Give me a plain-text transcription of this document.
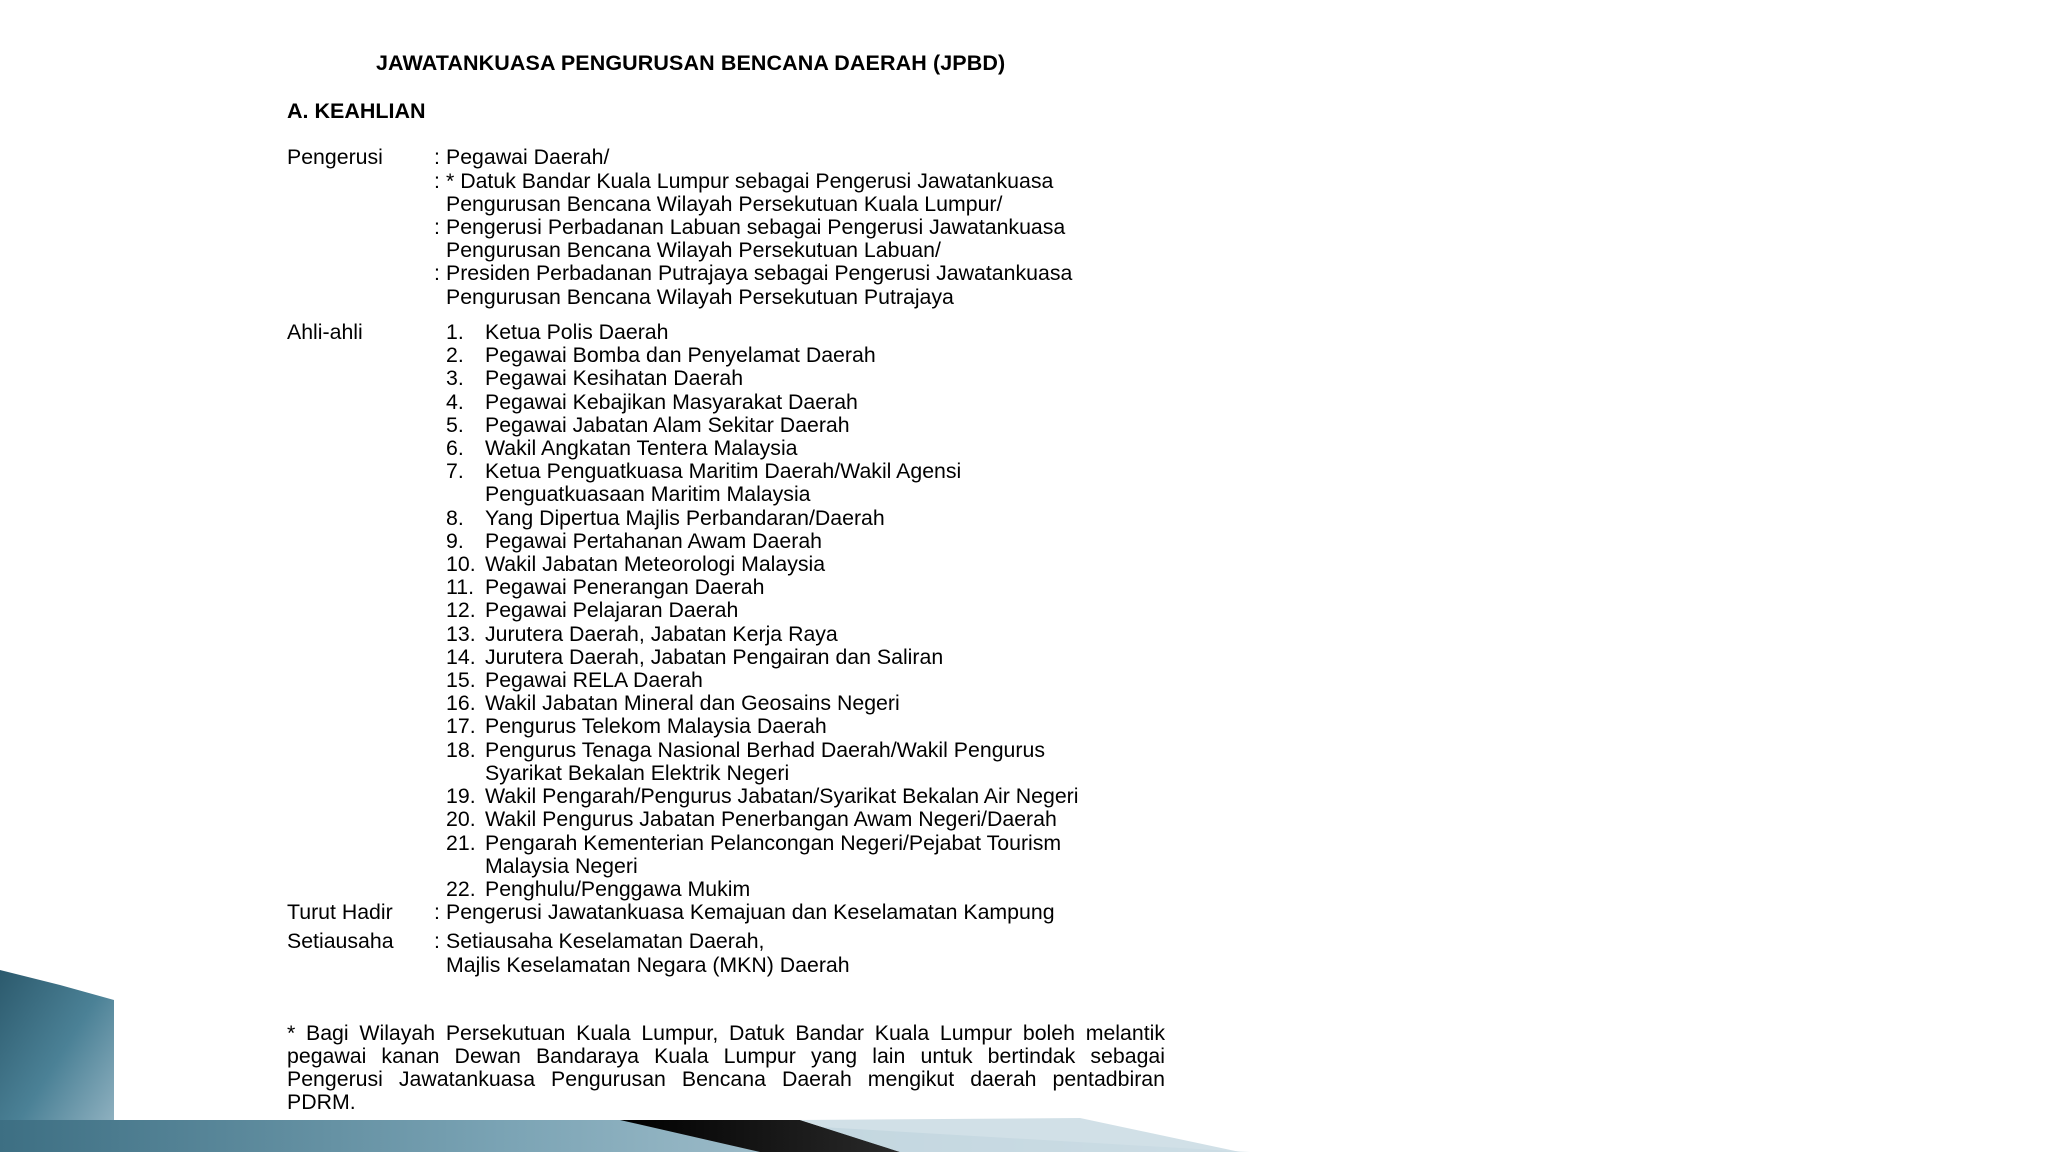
JAWATANKUASA PENGURUSAN BENCANA DAERAH (JPBD)
A. KEAHLIAN
Pengerusi	: Pegawai Daerah/
: * Datuk Bandar Kuala Lumpur sebagai Pengerusi Jawatankuasa
Pengurusan Bencana Wilayah Persekutuan Kuala Lumpur/
: Pengerusi Perbadanan Labuan sebagai Pengerusi Jawatankuasa
Pengurusan Bencana Wilayah Persekutuan Labuan/
: Presiden Perbadanan Putrajaya sebagai Pengerusi Jawatankuasa
Pengurusan Bencana Wilayah Persekutuan Putrajaya
Ahli-ahli	1. Ketua Polis Daerah
2. Pegawai Bomba dan Penyelamat Daerah
3. Pegawai Kesihatan Daerah
4. Pegawai Kebajikan Masyarakat Daerah
5. Pegawai Jabatan Alam Sekitar Daerah
6. Wakil Angkatan Tentera Malaysia
7. Ketua Penguatkuasa Maritim Daerah/Wakil Agensi
Penguatkuasaan Maritim Malaysia
8. Yang Dipertua Majlis Perbandaran/Daerah
9. Pegawai Pertahanan Awam Daerah
10. Wakil Jabatan Meteorologi Malaysia
11. Pegawai Penerangan Daerah
12. Pegawai Pelajaran Daerah
13. Jurutera Daerah, Jabatan Kerja Raya
14. Jurutera Daerah, Jabatan Pengairan dan Saliran
15. Pegawai RELA Daerah
16. Wakil Jabatan Mineral dan Geosains Negeri
17. Pengurus Telekom Malaysia Daerah
18. Pengurus Tenaga Nasional Berhad Daerah/Wakil Pengurus
Syarikat Bekalan Elektrik Negeri
19. Wakil Pengarah/Pengurus Jabatan/Syarikat Bekalan Air Negeri
20. Wakil Pengurus Jabatan Penerbangan Awam Negeri/Daerah
21. Pengarah Kementerian Pelancongan Negeri/Pejabat Tourism
Malaysia Negeri
22. Penghulu/Penggawa Mukim
Turut Hadir	: Pengerusi Jawatankuasa Kemajuan dan Keselamatan Kampung
Setiausaha	: Setiausaha Keselamatan Daerah,
Majlis Keselamatan Negara (MKN) Daerah
* Bagi Wilayah Persekutuan Kuala Lumpur, Datuk Bandar Kuala Lumpur boleh melantik pegawai kanan Dewan Bandaraya Kuala Lumpur yang lain untuk bertindak sebagai Pengerusi Jawatankuasa Pengurusan Bencana Daerah mengikut daerah pentadbiran PDRM.
